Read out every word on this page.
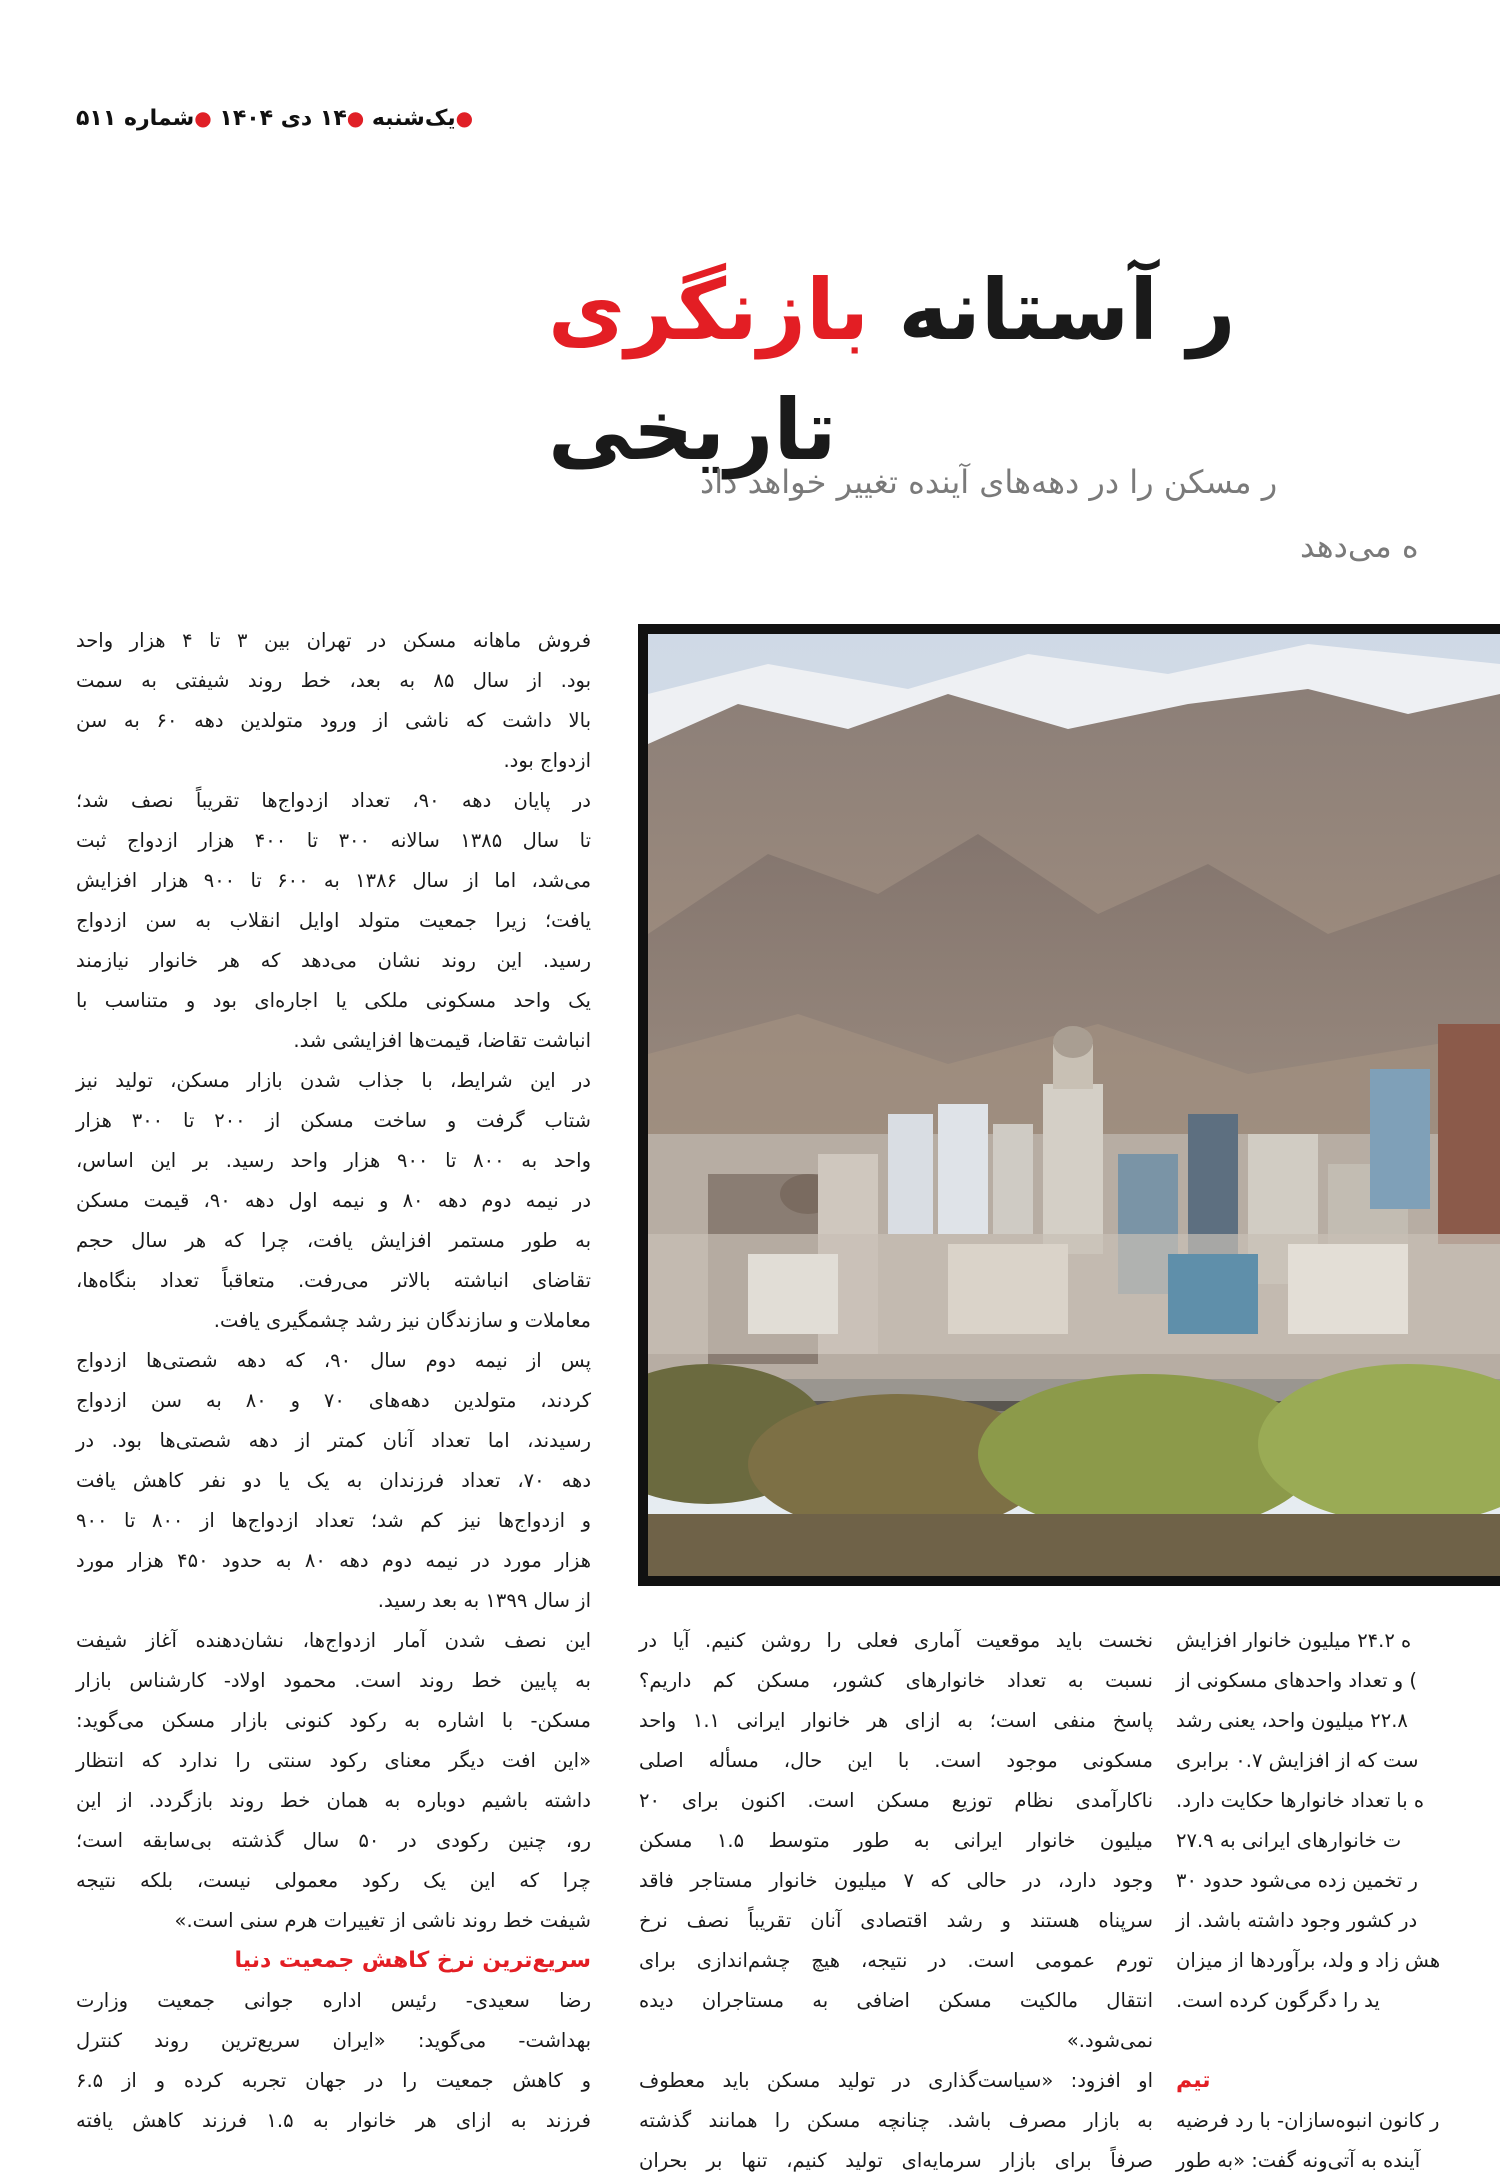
●یک‌شنبه ●۱۴ دی ۱۴۰۴ ●شماره ۵۱۱
ر آستانه بازنگری تاریخی
ر مسکن را در دهه‌های آینده تغییر خواهد داد
ه می‌دهد
فروش ماهانه مسکن در تهران بین ۳ تا ۴ هزار واحد
بود. از سال ۸۵ به بعد، خط روند شیفتی به سمت
بالا داشت که ناشی از ورود متولدین دهه ۶۰ به سن
ازدواج بود.
در پایان دهه ۹۰، تعداد ازدواج‌ها تقریباً نصف شد؛
تا سال ۱۳۸۵ سالانه ۳۰۰ تا ۴۰۰ هزار ازدواج ثبت
می‌شد، اما از سال ۱۳۸۶ به ۶۰۰ تا ۹۰۰ هزار افزایش
یافت؛ زیرا جمعیت متولد اوایل انقلاب به سن ازدواج
رسید. این روند نشان می‌دهد که هر خانوار نیازمند
یک واحد مسکونی ملکی یا اجاره‌ای بود و متناسب با
انباشت تقاضا، قیمت‌ها افزایشی شد.
در این شرایط، با جذاب شدن بازار مسکن، تولید نیز
شتاب گرفت و ساخت مسکن از ۲۰۰ تا ۳۰۰ هزار
واحد به ۸۰۰ تا ۹۰۰ هزار واحد رسید. بر این اساس،
در نیمه دوم دهه ۸۰ و نیمه اول دهه ۹۰، قیمت مسکن
به طور مستمر افزایش یافت، چرا که هر سال حجم
تقاضای انباشته بالاتر می‌رفت. متعاقباً تعداد بنگاه‌ها،
معاملات و سازندگان نیز رشد چشمگیری یافت.
پس از نیمه دوم سال ۹۰، که دهه شصتی‌ها ازدواج
کردند، متولدین دهه‌های ۷۰ و ۸۰ به سن ازدواج
رسیدند، اما تعداد آنان کمتر از دهه شصتی‌ها بود. در
دهه ۷۰، تعداد فرزندان به یک یا دو نفر کاهش یافت
و ازدواج‌ها نیز کم شد؛ تعداد ازدواج‌ها از ۸۰۰ تا ۹۰۰
هزار مورد در نیمه دوم دهه ۸۰ به حدود ۴۵۰ هزار مورد
از سال ۱۳۹۹ به بعد رسید.
این نصف شدن آمار ازدواج‌ها، نشان‌دهنده آغاز شیفت
به پایین خط روند است. محمود اولاد- کارشناس بازار
مسکن- با اشاره به رکود کنونی بازار مسکن می‌گوید:
«این افت دیگر معنای رکود سنتی را ندارد که انتظار
داشته باشیم دوباره به همان خط روند بازگردد. از این
رو، چنین رکودی در ۵۰ سال گذشته بی‌سابقه است؛
چرا که این یک رکود معمولی نیست، بلکه نتیجه
شیفت خط روند ناشی از تغییرات هرم سنی است.»
سریع‌ترین نرخ کاهش جمعیت دنیا
رضا سعیدی- رئیس اداره جوانی جمعیت وزارت
بهداشت- می‌گوید: «ایران سریع‌ترین روند کنترل
و کاهش جمعیت را در جهان تجربه کرده و از ۶.۵
فرزند به ازای هر خانوار به ۱.۵ فرزند کاهش یافته
نخست باید موقعیت آماری فعلی را روشن کنیم. آیا در
نسبت به تعداد خانوارهای کشور، مسکن کم داریم؟
پاسخ منفی است؛ به ازای هر خانوار ایرانی ۱.۱ واحد
مسکونی موجود است. با این حال، مسأله اصلی
ناکارآمدی نظام توزیع مسکن است. اکنون برای ۲۰
میلیون خانوار ایرانی به طور متوسط ۱.۵ مسکن
وجود دارد، در حالی که ۷ میلیون خانوار مستاجر فاقد
سرپناه هستند و رشد اقتصادی آنان تقریباً نصف نرخ
تورم عمومی است. در نتیجه، هیچ چشم‌اندازی برای
انتقال مالکیت مسکن اضافی به مستاجران دیده
نمی‌شود.»
او افزود: «سیاست‌گذاری در تولید مسکن باید معطوف
به بازار مصرف باشد. چنانچه مسکن را همانند گذشته
صرفاً برای بازار سرمایه‌ای تولید کنیم، تنها بر بحران
ه ۲۴.۲ میلیون خانوار افزایش
) و تعداد واحدهای مسکونی از
۲۲.۸ میلیون واحد، یعنی رشد
ست که از افزایش ۰.۷ برابری
ه با تعداد خانوارها حکایت دارد.
ت خانوارهای ایرانی به ۲۷.۹
ر تخمین زده می‌شود حدود ۳۰
در کشور وجود داشته باشد. از
هش زاد و ولد، برآوردها از میزان
ید را دگرگون کرده است.
تیم
ر کانون انبوه‌سازان- با رد فرضیه
آینده به آتی‌ونه گفت: «به طور
